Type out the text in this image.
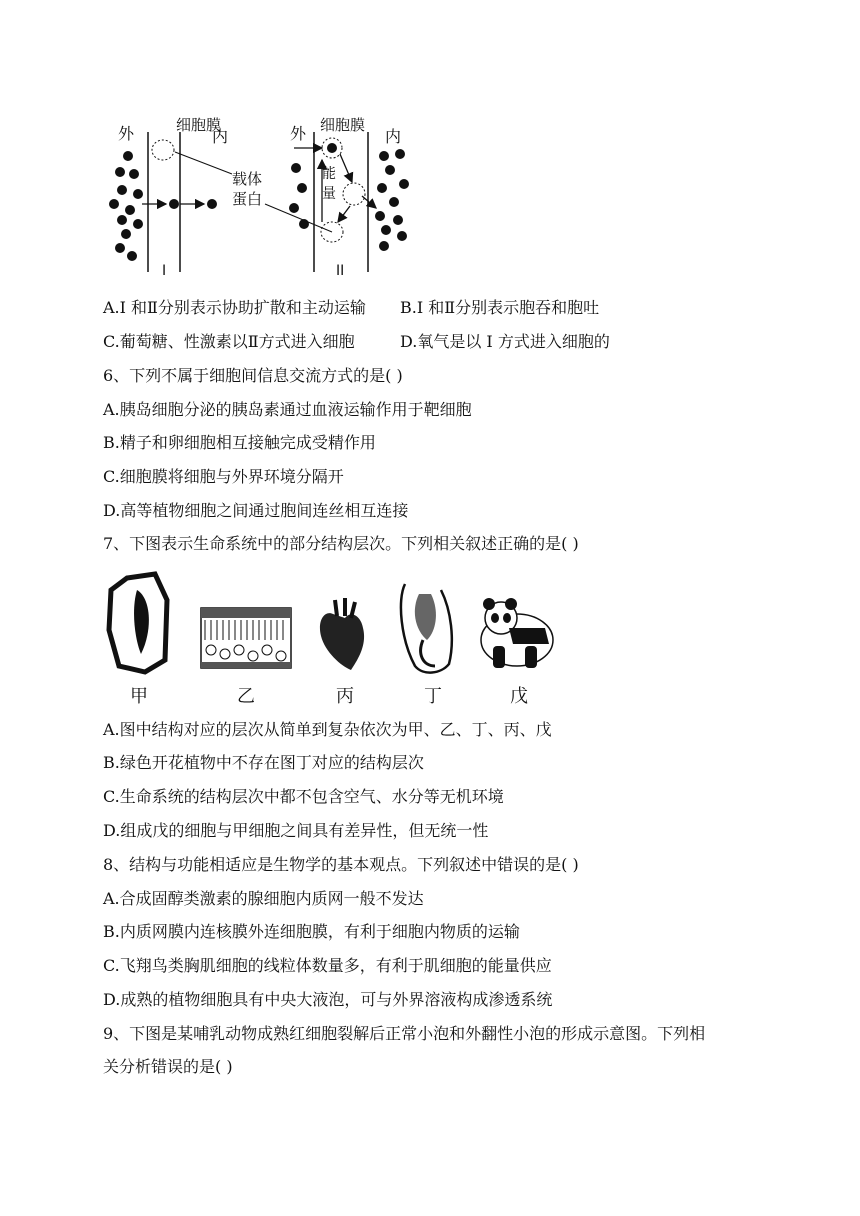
外	细胞膜
内
I
载体
蛋白
外 细胞膜
内
能
量
II
A.I 和Ⅱ分别表示协助扩散和主动运输 B.I 和Ⅱ分别表示胞吞和胞吐
C.葡萄糖、性激素以Ⅱ方式进入细胞	D.氧气是以 I 方式进入细胞的
6、下列不属于细胞间信息交流方式的是( )
A.胰岛细胞分泌的胰岛素通过血液运输作用于靶细胞
B.精子和卵细胞相互接触完成受精作用
C.细胞膜将细胞与外界环境分隔开
D.高等植物细胞之间通过胞间连丝相互连接
7、下图表示生命系统中的部分结构层次。下列相关叙述正确的是( )
甲	乙	丙	丁	戊
A.图中结构对应的层次从简单到复杂依次为甲、乙、丁、丙、戊
B.绿色开花植物中不存在图丁对应的结构层次
C.生命系统的结构层次中都不包含空气、水分等无机环境
D.组成戊的细胞与甲细胞之间具有差异性，但无统一性
8、结构与功能相适应是生物学的基本观点。下列叙述中错误的是( )
A.合成固醇类激素的腺细胞内质网一般不发达
B.内质网膜内连核膜外连细胞膜，有利于细胞内物质的运输
C.飞翔鸟类胸肌细胞的线粒体数量多，有利于肌细胞的能量供应
D.成熟的植物细胞具有中央大液泡，可与外界溶液构成渗透系统
9、下图是某哺乳动物成熟红细胞裂解后正常小泡和外翻性小泡的形成示意图。下列相
关分析错误的是( )
